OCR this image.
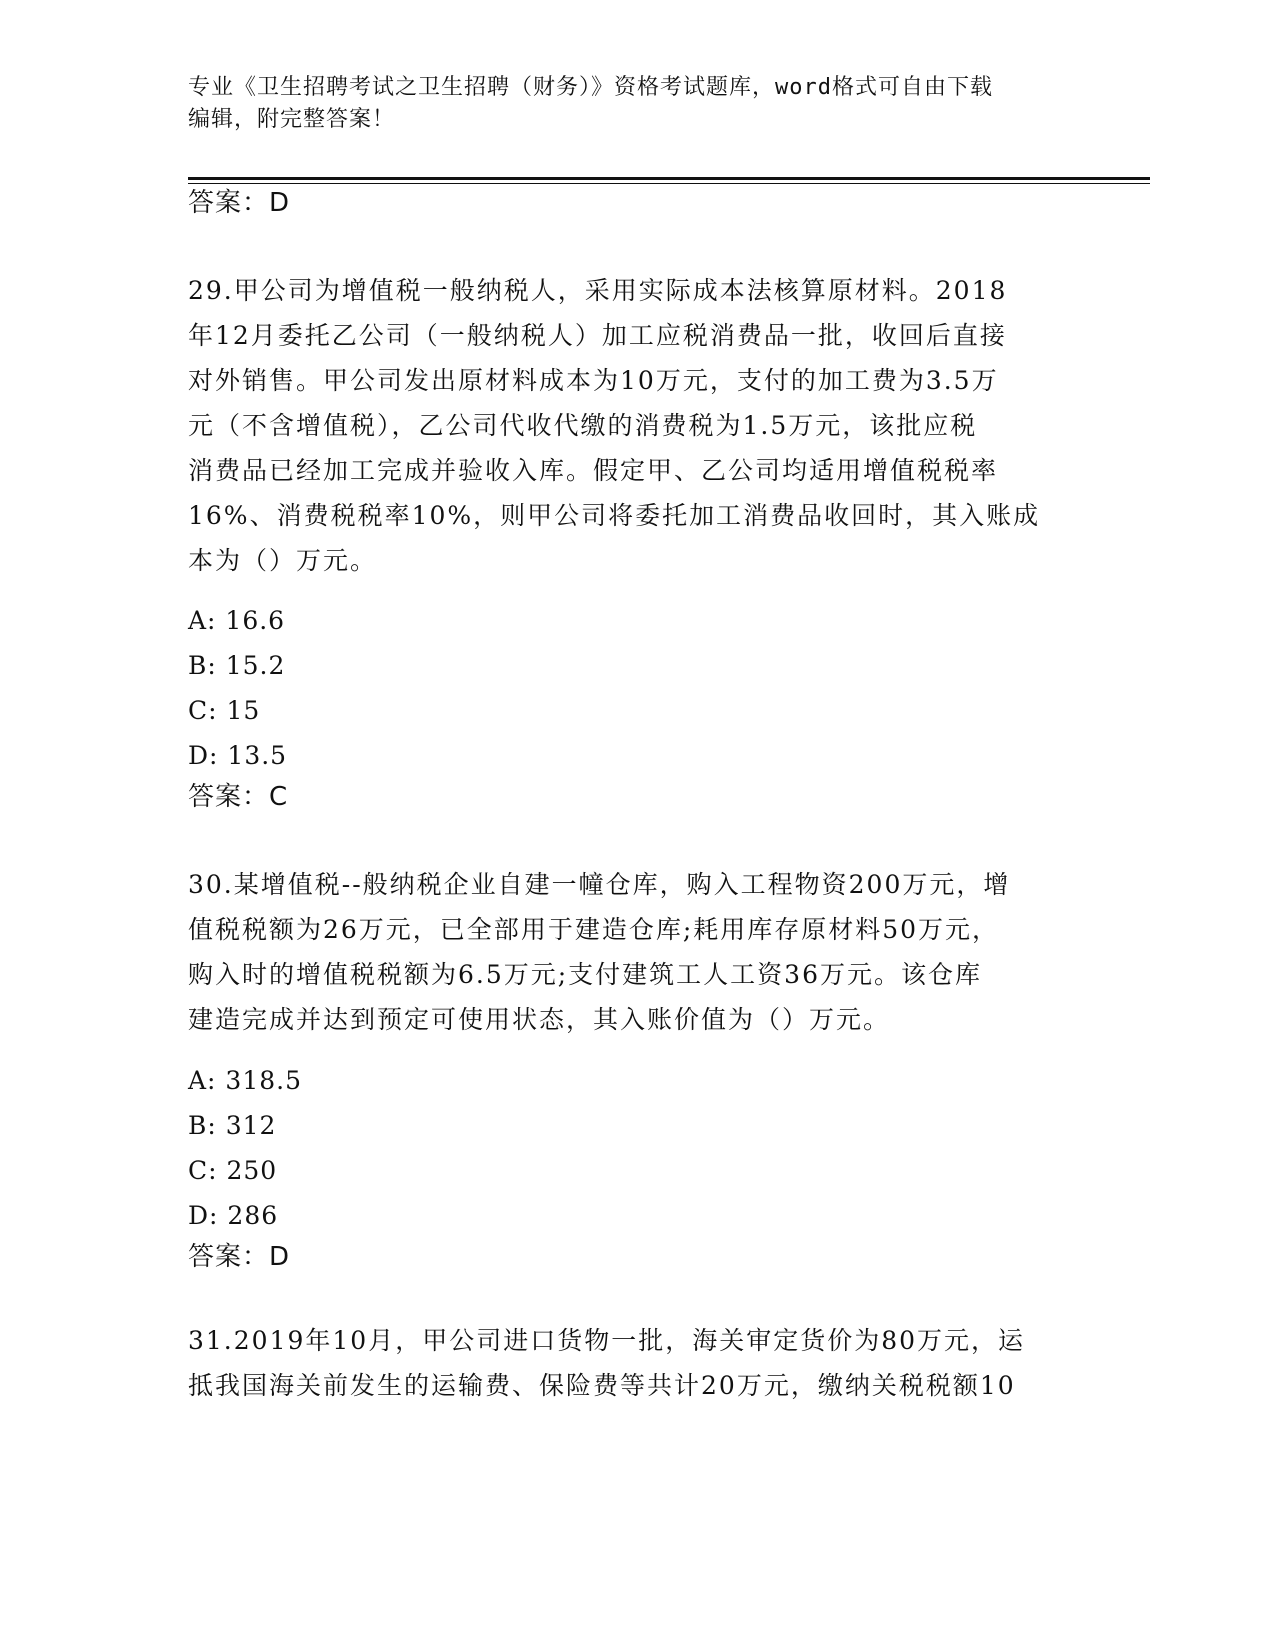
专业《卫生招聘考试之卫生招聘（财务）》资格考试题库，word格式可自由下载
编辑，附完整答案！
答案：D
29.甲公司为增值税一般纳税人，采用实际成本法核算原材料。2018
年12月委托乙公司（一般纳税人）加工应税消费品一批，收回后直接
对外销售。甲公司发出原材料成本为10万元，支付的加工费为3.5万
元（不含增值税），乙公司代收代缴的消费税为1.5万元，该批应税
消费品已经加工完成并验收入库。假定甲、乙公司均适用增值税税率
16%、消费税税率10%，则甲公司将委托加工消费品收回时，其入账成
本为（）万元。
A: 16.6
B: 15.2
C: 15
D: 13.5
答案：C
30.某增值税--般纳税企业自建一幢仓库，购入工程物资200万元，增
值税税额为26万元，已全部用于建造仓库;耗用库存原材料50万元，
购入时的增值税税额为6.5万元;支付建筑工人工资36万元。该仓库
建造完成并达到预定可使用状态，其入账价值为（）万元。
A: 318.5
B: 312
C: 250
D: 286
答案：D
31.2019年10月，甲公司进口货物一批，海关审定货价为80万元，运
抵我国海关前发生的运输费、保险费等共计20万元，缴纳关税税额10
